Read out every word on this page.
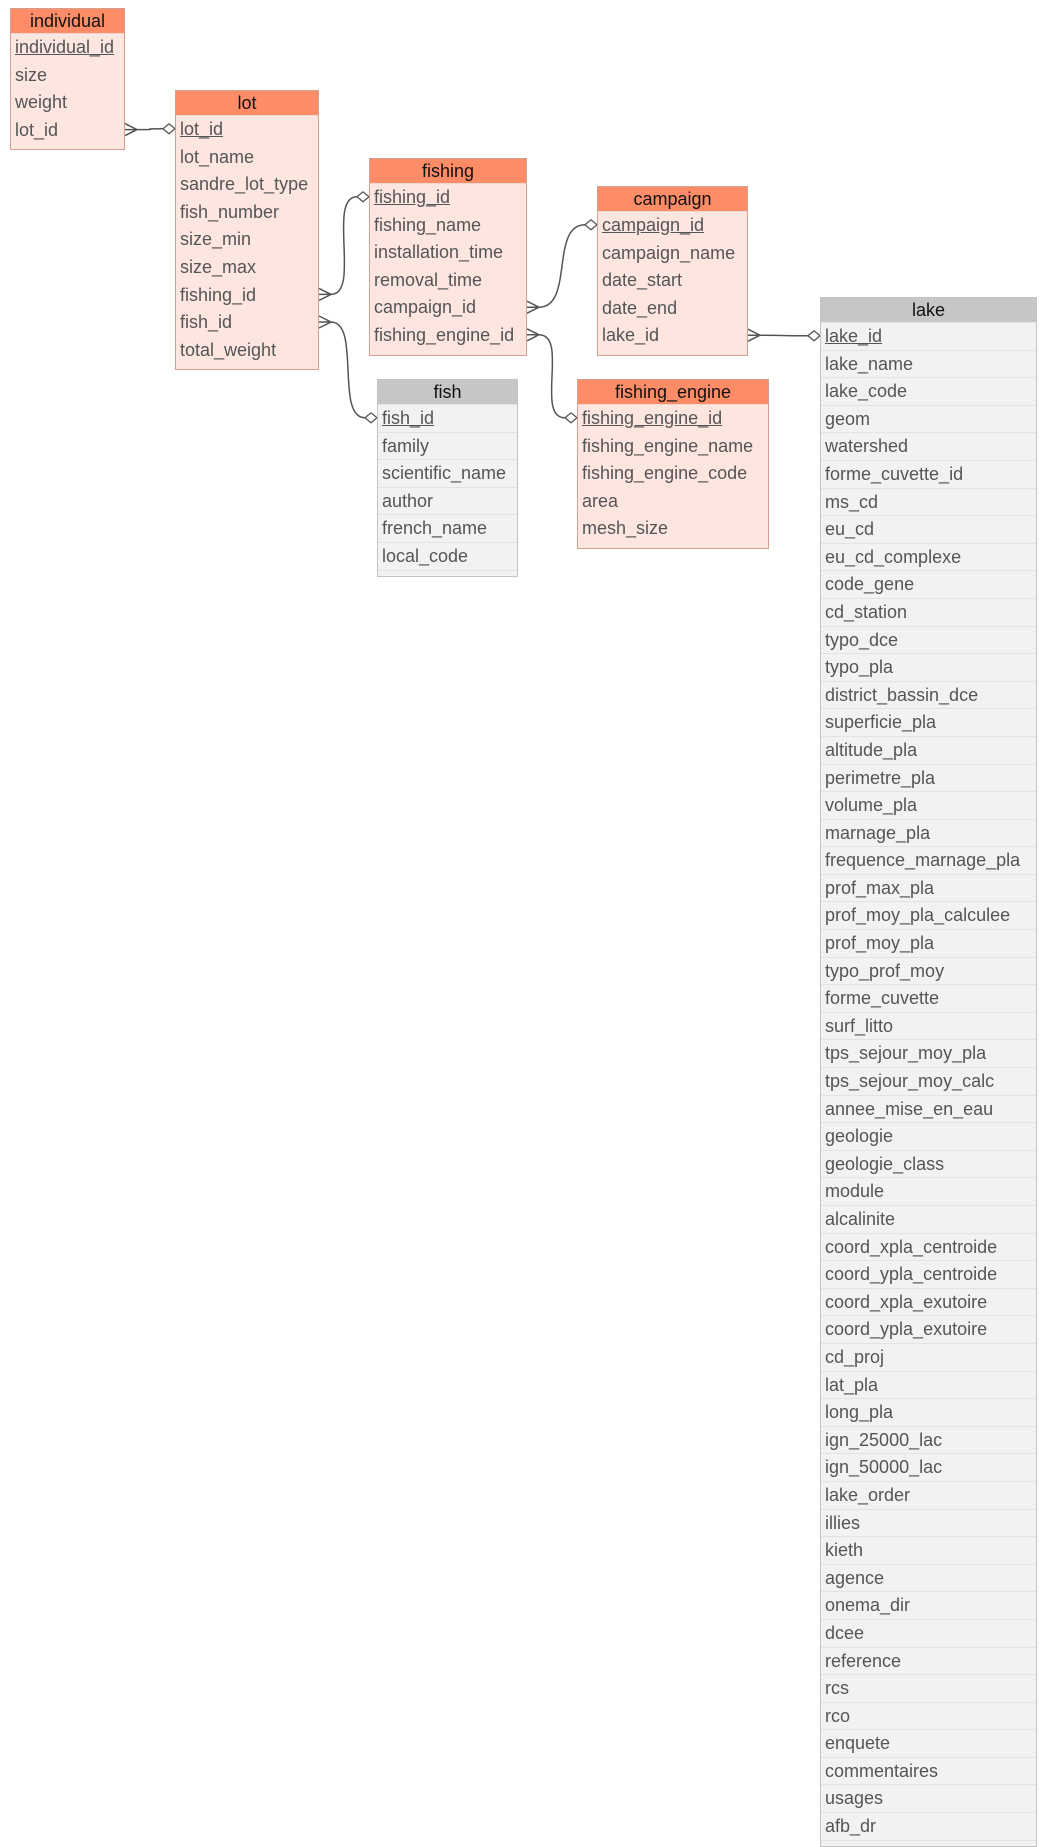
individual
individual_id
size
weight
lot_id
lot
lot_id
lot_name
sandre_lot_type
fish_number
size_min
size_max
fishing_id
fish_id
total_weight
fishing
fishing_id
fishing_name
installation_time
removal_time
campaign_id
fishing_engine_id
campaign
campaign_id
campaign_name
date_start
date_end
lake_id
fish
fish_id
family
scientific_name
author
french_name
local_code
fishing_engine
fishing_engine_id
fishing_engine_name
fishing_engine_code
area
mesh_size
lake
lake_id
lake_name
lake_code
geom
watershed
forme_cuvette_id
ms_cd
eu_cd
eu_cd_complexe
code_gene
cd_station
typo_dce
typo_pla
district_bassin_dce
superficie_pla
altitude_pla
perimetre_pla
volume_pla
marnage_pla
frequence_marnage_pla
prof_max_pla
prof_moy_pla_calculee
prof_moy_pla
typo_prof_moy
forme_cuvette
surf_litto
tps_sejour_moy_pla
tps_sejour_moy_calc
annee_mise_en_eau
geologie
geologie_class
module
alcalinite
coord_xpla_centroide
coord_ypla_centroide
coord_xpla_exutoire
coord_ypla_exutoire
cd_proj
lat_pla
long_pla
ign_25000_lac
ign_50000_lac
lake_order
illies
kieth
agence
onema_dir
dcee
reference
rcs
rco
enquete
commentaires
usages
afb_dr
